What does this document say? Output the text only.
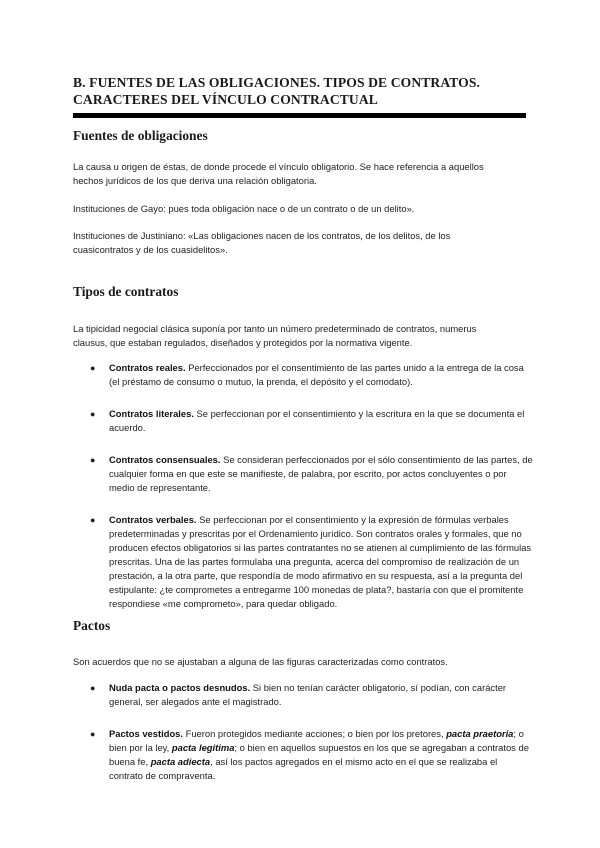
B. FUENTES DE LAS OBLIGACIONES. TIPOS DE CONTRATOS. CARACTERES DEL VÍNCULO CONTRACTUAL
Fuentes de obligaciones

La causa u origen de éstas, de donde procede el vínculo obligatorio. Se hace referencia a aquellos hechos jurídicos de los que deriva una relación obligatoria.

Instituciones de Gayo: pues toda obligación nace o de un contrato o de un delito».

Instituciones de Justiniano: «Las obligaciones nacen de los contratos, de los delitos, de los cuasicontratos y de los cuasidelitos».

Tipos de contratos

La tipicidad negocial clásica suponía por tanto un número predeterminado de contratos, numerus clausus, que estaban regulados, diseñados y protegidos por la normativa vigente.

● Contratos reales. Perfeccionados por el consentimiento de las partes unido a la entrega de la cosa (el préstamo de consumo o mutuo, la prenda, el depósito y el comodato).
● Contratos literales. Se perfeccionan por el consentimiento y la escritura en la que se documenta el acuerdo.
● Contratos consensuales. Se consideran perfeccionados por el sólo consentimiento de las partes, de cualquier forma en que este se manifieste, de palabra, por escrito, por actos concluyentes o por medio de representante.
● Contratos verbales. Se perfeccionan por el consentimiento y la expresión de fórmulas verbales predeterminadas y prescritas por el Ordenamiento jurídico. Son contratos orales y formales, que no producen efectos obligatorios si las partes contratantes no se atienen al cumplimiento de las fórmulas prescritas. Una de las partes formulaba una pregunta, acerca del compromiso de realización de un prestación, a la otra parte, que respondía de modo afirmativo en su respuesta, así a la pregunta del estipulante: ¿te comprometes a entregarme 100 monedas de plata?, bastaría con que el promitente respondiese «me comprometo», para quedar obligado.
Pactos

Son acuerdos que no se ajustaban a alguna de las figuras caracterizadas como contratos.

● Nuda pacta o pactos desnudos. Si bien no tenían carácter obligatorio, sí podían, con carácter general, ser alegados ante el magistrado.
● Pactos vestidos. Fueron protegidos mediante acciones; o bien por los pretores, pacta praetoria; o bien por la ley, pacta legitima; o bien en aquellos supuestos en los que se agregaban a contratos de buena fe, pacta adiecta, así los pactos agregados en el mismo acto en el que se realizaba el contrato de compraventa.
